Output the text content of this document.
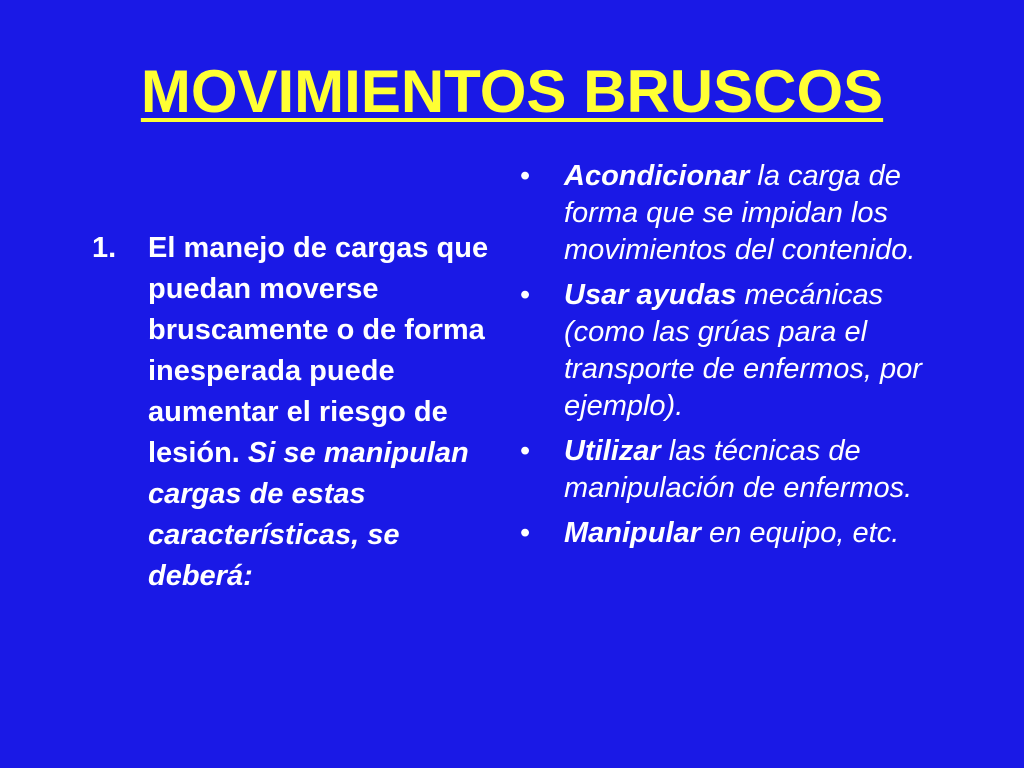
MOVIMIENTOS BRUSCOS
1.	El manejo de cargas que puedan moverse bruscamente o de forma inesperada puede aumentar el riesgo de lesión. Si se manipulan cargas de estas características, se deberá:
•	Acondicionar la carga de forma que se impidan los movimientos del contenido.
•	Usar ayudas mecánicas (como las grúas para el transporte de enfermos, por ejemplo).
•	Utilizar las técnicas de manipulación de enfermos.
•	Manipular en equipo, etc.
